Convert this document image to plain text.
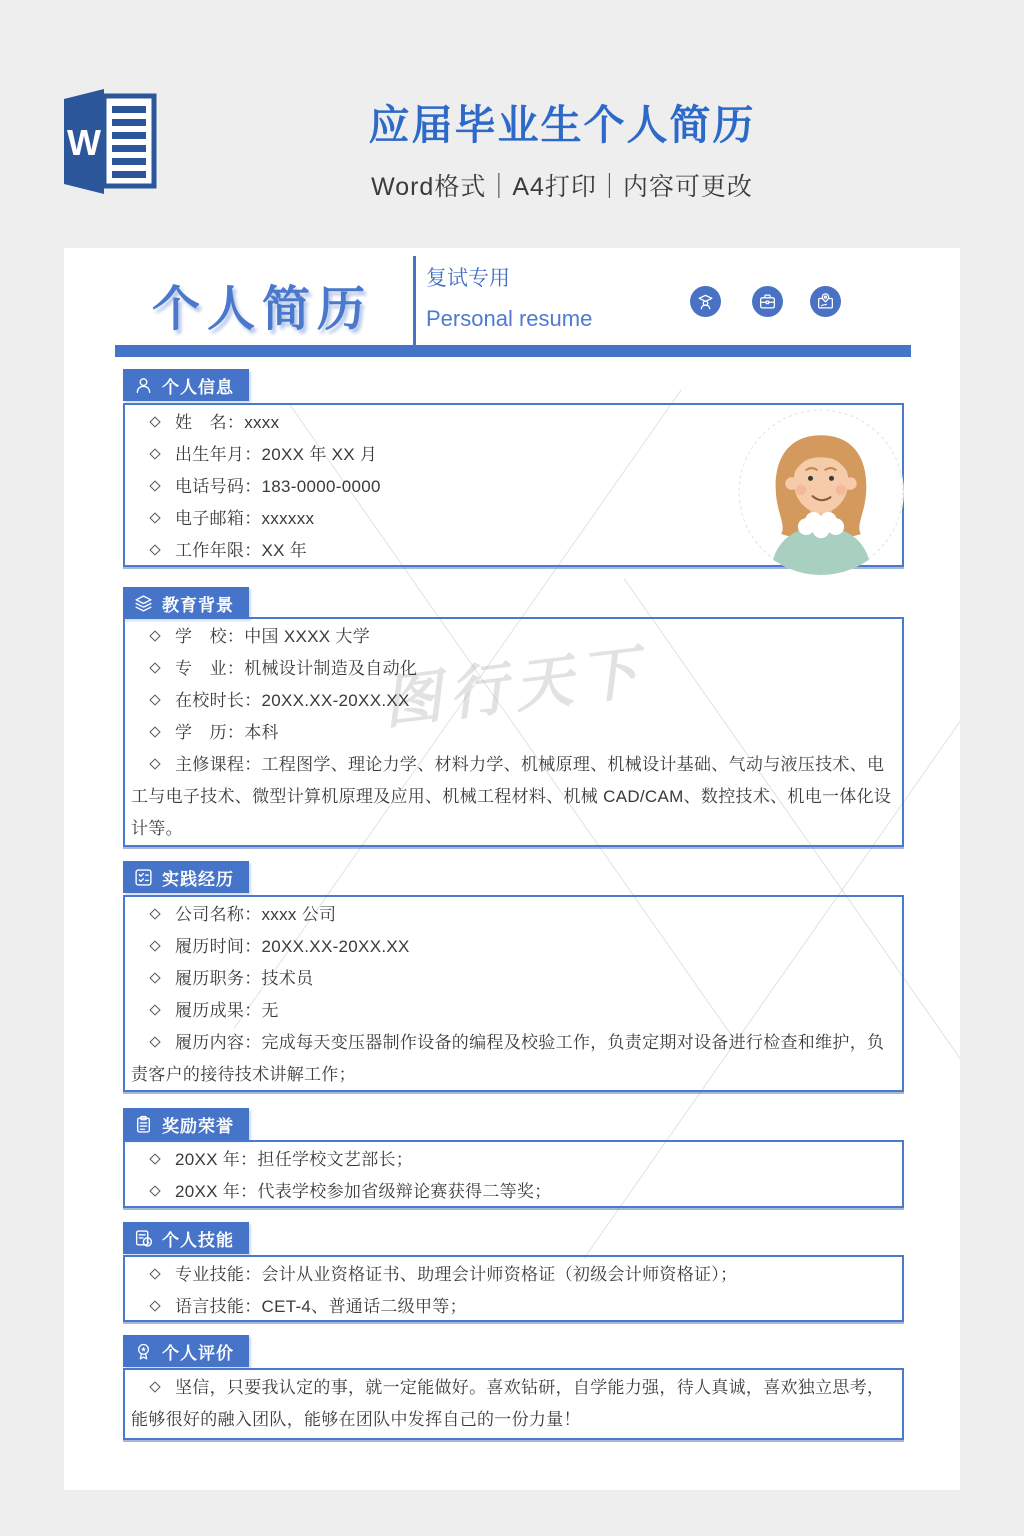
W	应届毕业生个人简历
Word格式｜A4打印｜内容可更改
图行天下
个人简历
复试专用
Personal resume
个人信息
姓　名：xxxx
出生年月：20XX 年 XX 月
电话号码：183-0000-0000
电子邮箱：xxxxxx
工作年限：XX 年
教育背景
学　校：中国 XXXX 大学
专　业：机械设计制造及自动化
在校时长：20XX.XX-20XX.XX
学　历：本科
主修课程：工程图学、理论力学、材料力学、机械原理、机械设计基础、气动与液压技术、电工与电子技术、微型计算机原理及应用、机械工程材料、机械 CAD/CAM、数控技术、机电一体化设计等。
实践经历
公司名称：xxxx 公司
履历时间：20XX.XX-20XX.XX
履历职务：技术员
履历成果：无
履历内容：完成每天变压器制作设备的编程及校验工作，负责定期对设备进行检查和维护，负责客户的接待技术讲解工作；
奖励荣誉
20XX 年：担任学校文艺部长；
20XX 年：代表学校参加省级辩论赛获得二等奖；
个人技能
专业技能：会计从业资格证书、助理会计师资格证（初级会计师资格证）；
语言技能：CET-4、普通话二级甲等；
个人评价
坚信，只要我认定的事，就一定能做好。喜欢钻研，自学能力强，待人真诚，喜欢独立思考，能够很好的融入团队，能够在团队中发挥自己的一份力量！
